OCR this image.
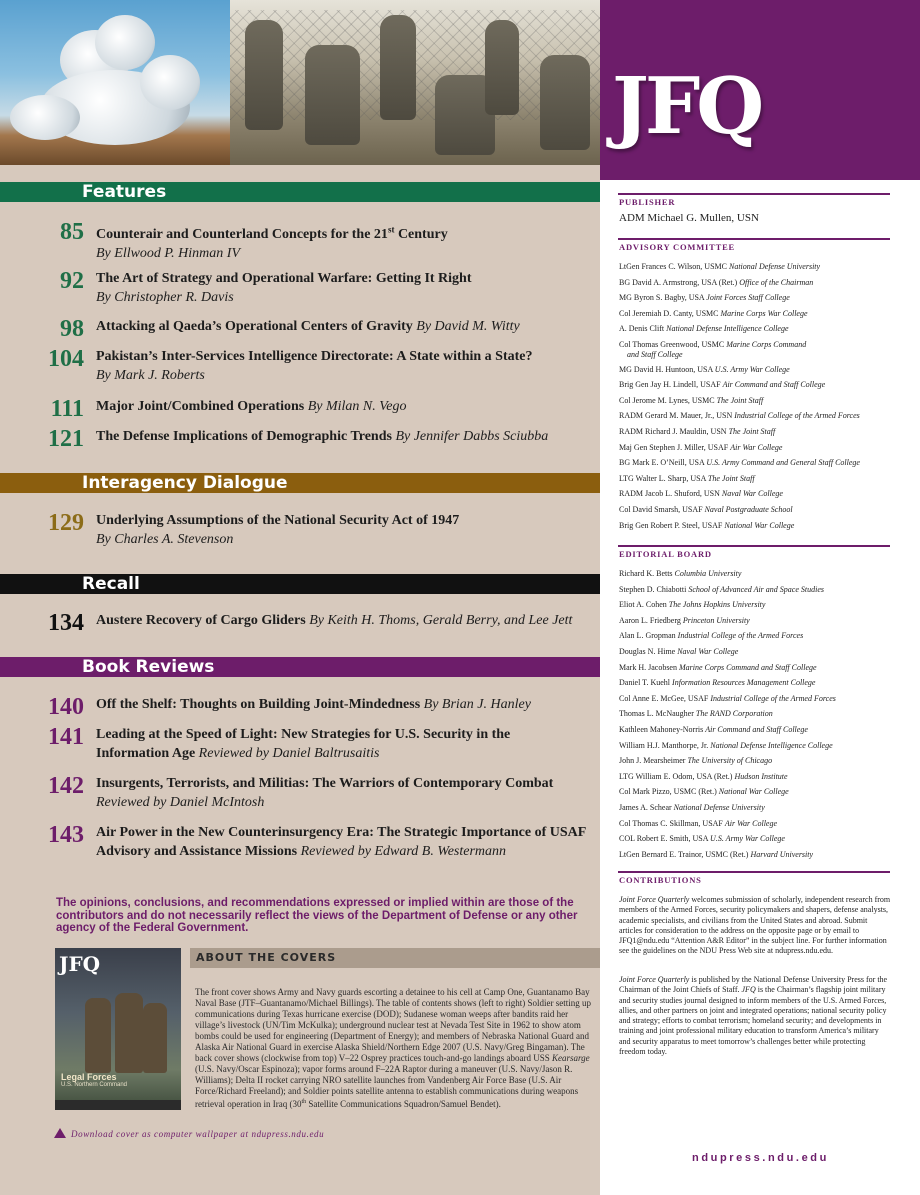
Features
85 Counterair and Counterland Concepts for the 21st Century
By Ellwood P. Hinman IV
92 The Art of Strategy and Operational Warfare: Getting It Right
By Christopher R. Davis
98 Attacking al Qaeda’s Operational Centers of Gravity By David M. Witty
104 Pakistan’s Inter-Services Intelligence Directorate: A State within a State?
By Mark J. Roberts
111 Major Joint/Combined Operations By Milan N. Vego
121 The Defense Implications of Demographic Trends By Jennifer Dabbs Sciubba
Interagency Dialogue
129 Underlying Assumptions of the National Security Act of 1947
By Charles A. Stevenson
Recall
134 Austere Recovery of Cargo Gliders By Keith H. Thoms, Gerald Berry, and Lee Jett
Book Reviews
140 Off the Shelf: Thoughts on Building Joint-Mindedness By Brian J. Hanley
141 Leading at the Speed of Light: New Strategies for U.S. Security in the Information Age Reviewed by Daniel Baltrusaitis
142 Insurgents, Terrorists, and Militias: The Warriors of Contemporary Combat
Reviewed by Daniel McIntosh
143 Air Power in the New Counterinsurgency Era: The Strategic Importance of USAF Advisory and Assistance Missions Reviewed by Edward B. Westermann
The opinions, conclusions, and recommendations expressed or implied within are those of the contributors and do not necessarily reflect the views of the Department of Defense or any other agency of the Federal Government.
JFQ
Legal Forces
U.S. Northern Command
ABOUT THE COVERS
The front cover shows Army and Navy guards escorting a detainee to his cell at Camp One, Guantanamo Bay Naval Base (JTF–Guantanamo/Michael Billings). The table of contents shows (left to right) Soldier setting up communications during Texas hurricane exercise (DOD); Sudanese woman weeps after bandits raid her village’s livestock (UN/Tim McKulka); underground nuclear test at Nevada Test Site in 1962 to show atom bombs could be used for engineering (Department of Energy); and members of Nebraska National Guard and Alaska Air National Guard in exercise Alaska Shield/Northern Edge 2007 (U.S. Navy/Greg Bingaman). The back cover shows (clockwise from top) V–22 Osprey practices touch-and-go landings aboard USS Kearsarge (U.S. Navy/Oscar Espinoza); vapor forms around F–22A Raptor during a maneuver (U.S. Navy/Jason R. Williams); Delta II rocket carrying NRO satellite launches from Vandenberg Air Force Base (U.S. Air Force/Richard Freeland); and Soldier points satellite antenna to establish communications during weapons retrieval operation in Iraq (30th Satellite Communications Squadron/Samuel Bendet).
Download cover as computer wallpaper at ndupress.ndu.edu
JFQ
PUBLISHER
ADM Michael G. Mullen, USN
ADVISORY COMMITTEE
LtGen Frances C. Wilson, USMC National Defense University
BG David A. Armstrong, USA (Ret.) Office of the Chairman
MG Byron S. Bagby, USA Joint Forces Staff College
Col Jeremiah D. Canty, USMC Marine Corps War College
A. Denis Clift National Defense Intelligence College
Col Thomas Greenwood, USMC Marine Corps Command
and Staff College
MG David H. Huntoon, USA U.S. Army War College
Brig Gen Jay H. Lindell, USAF Air Command and Staff College
Col Jerome M. Lynes, USMC The Joint Staff
RADM Gerard M. Mauer, Jr., USN Industrial College of the Armed Forces
RADM Richard J. Mauldin, USN The Joint Staff
Maj Gen Stephen J. Miller, USAF Air War College
BG Mark E. O’Neill, USA U.S. Army Command and General Staff College
LTG Walter L. Sharp, USA The Joint Staff
RADM Jacob L. Shuford, USN Naval War College
Col David Smarsh, USAF Naval Postgraduate School
Brig Gen Robert P. Steel, USAF National War College
EDITORIAL BOARD
Richard K. Betts Columbia University
Stephen D. Chiabotti School of Advanced Air and Space Studies
Eliot A. Cohen The Johns Hopkins University
Aaron L. Friedberg Princeton University
Alan L. Gropman Industrial College of the Armed Forces
Douglas N. Hime Naval War College
Mark H. Jacobsen Marine Corps Command and Staff College
Daniel T. Kuehl Information Resources Management College
Col Anne E. McGee, USAF Industrial College of the Armed Forces
Thomas L. McNaugher The RAND Corporation
Kathleen Mahoney-Norris Air Command and Staff College
William H.J. Manthorpe, Jr. National Defense Intelligence College
John J. Mearsheimer The University of Chicago
LTG William E. Odom, USA (Ret.) Hudson Institute
Col Mark Pizzo, USMC (Ret.) National War College
James A. Schear National Defense University
Col Thomas C. Skillman, USAF Air War College
COL Robert E. Smith, USA U.S. Army War College
LtGen Bernard E. Trainor, USMC (Ret.) Harvard University
CONTRIBUTIONS
Joint Force Quarterly welcomes submission of scholarly, independent research from members of the Armed Forces, security policymakers and shapers, defense analysts, academic specialists, and civilians from the United States and abroad. Submit articles for consideration to the address on the opposite page or by email to JFQ1@ndu.edu “Attention A&R Editor” in the subject line. For further information see the guidelines on the NDU Press Web site at ndupress.ndu.edu.
Joint Force Quarterly is published by the National Defense University Press for the Chairman of the Joint Chiefs of Staff. JFQ is the Chairman’s flagship joint military and security studies journal designed to inform members of the U.S. Armed Forces, allies, and other partners on joint and integrated operations; national security policy and strategy; efforts to combat terrorism; homeland security; and developments in training and joint professional military education to transform America’s military and security apparatus to meet tomorrow’s challenges better while protecting freedom today.
ndupress.ndu.edu
